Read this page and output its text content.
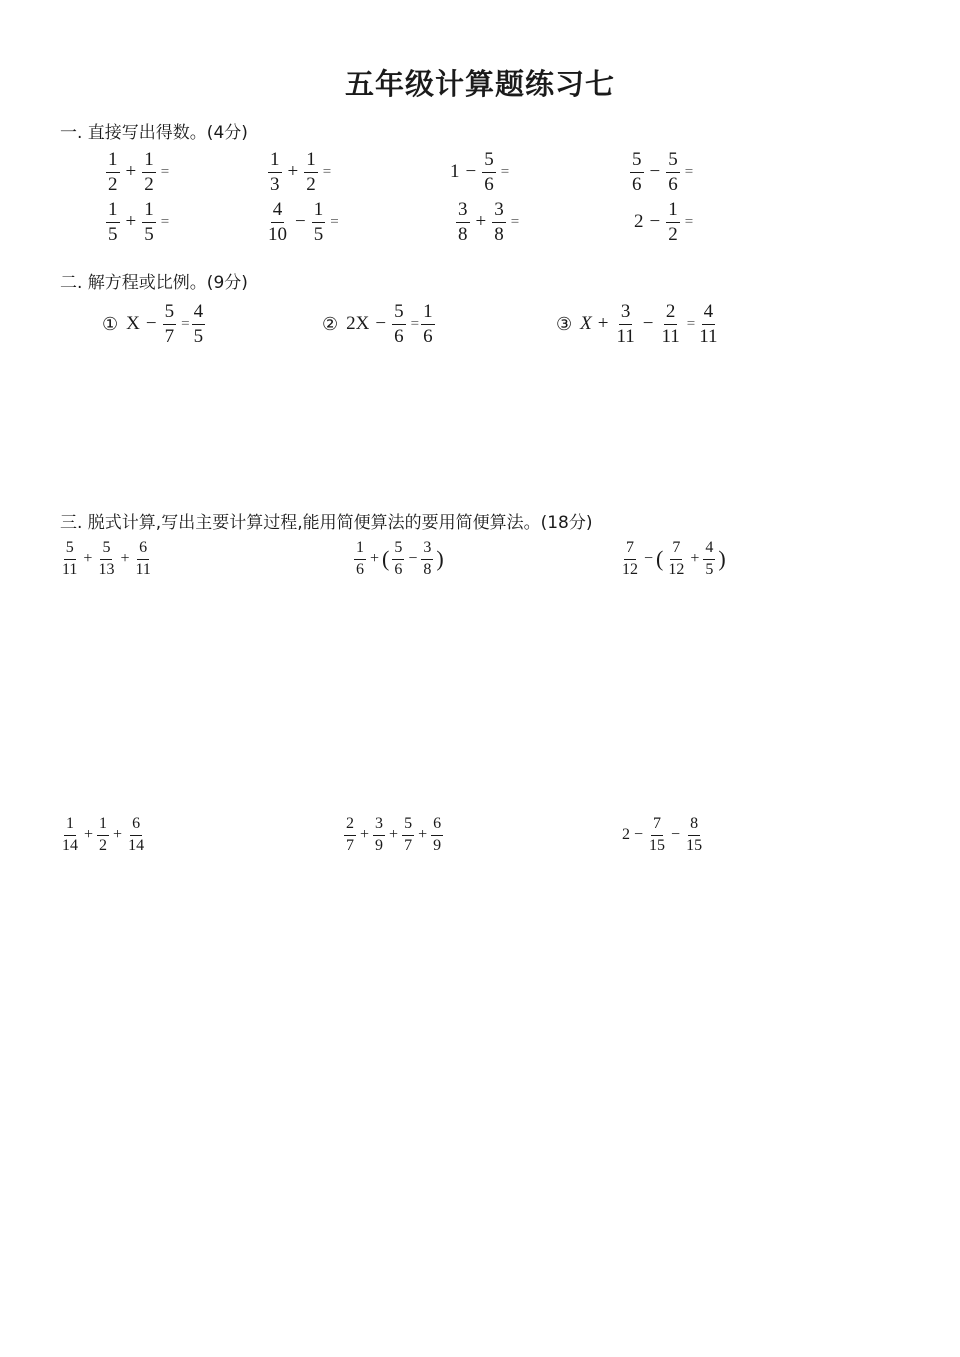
五年级计算题练习七
一. 直接写出得数。(4分)
$\frac{1}{2} + \frac{1}{2}$ =	$\frac{1}{3} + \frac{1}{2}$ =	$1 - \frac{5}{6}$ =	$\frac{5}{6} - \frac{5}{6}$ =
$\frac{1}{5} + \frac{1}{5}$ =	$\frac{4}{10} - \frac{1}{5}$ =	$\frac{3}{8} + \frac{3}{8}$ =	$2 - \frac{1}{2}$ =
二. 解方程或比例。(9分)
① $X - \frac{5}{7} = \frac{4}{5}$	② $2X - \frac{5}{6} = \frac{1}{6}$	③ $X + \frac{3}{11} - \frac{2}{11} = \frac{4}{11}$
三. 脱式计算,写出主要计算过程,能用简便算法的要用简便算法。(18分)
$\frac{5}{11} + \frac{5}{13} + \frac{6}{11}$	$\frac{1}{6}$ + ( $\frac{5}{6} - \frac{3}{8}$ )	$\frac{7}{12}$ − ( $\frac{7}{12} + \frac{4}{5}$ )
$\frac{1}{14} + \frac{1}{2} + \frac{6}{14}$	$\frac{2}{7} + \frac{3}{9} + \frac{5}{7} + \frac{6}{9}$	$2 - \frac{7}{15} - \frac{8}{15}$
